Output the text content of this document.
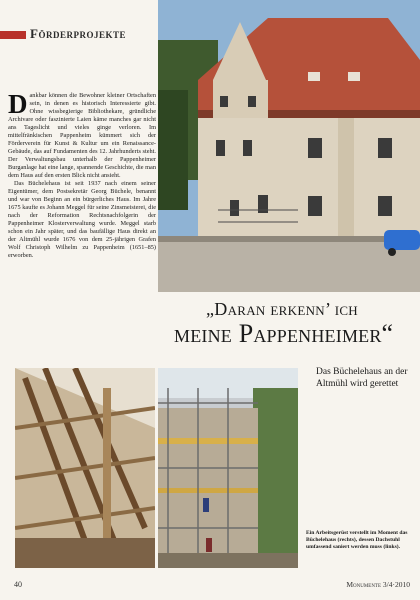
Förderprojekte

Dankbar können die Bewohner kleiner Ortschaften sein, in denen es historisch Interessierte gibt. Ohne wissbegierige Bibliothekare, gründliche Archivare oder faszinierte Laien käme manches gar nicht ans Tageslicht und vieles ginge verloren. Im mittelfränkischen Pappenheim kümmert sich der Förderverein für Kunst & Kultur um ein Renaissance-Gebäude, das auf Fundamenten des 12. Jahrhunderts steht. Der Verwaltungsbau unterhalb der Pappenheimer Burganlage hat eine lange, spannende Geschichte, die man dem Haus auf den ersten Blick nicht ansieht.

Das Büchelehaus ist seit 1937 nach einem seiner Eigentümer, dem Postsekretär Georg Büchele, benannt und war von Beginn an ein bürgerliches Haus. Im Jahre 1675 kaufte es Johann Meggel für seine Zinsmeisterei, die nach der Reformation Rechtsnachfolgerin der Pappenheimer Klosterverwaltung wurde. Meggel starb schon ein Jahr später, und das baufällige Haus direkt an der Altmühl wurde 1676 von dem 25-jährigen Grafen Wolf Christoph Wilhelm zu Pappenheim (1651–85) erworben.

„Daran erkenn’ ich
meine Pappenheimer“
Das Büchelehaus an der Altmühl wird gerettet
Ein Arbeitsgerüst verstellt im Moment das Büchelehaus (rechts), dessen Dachstuhl umfassend saniert werden muss (links).
40	Monumente 3/4·2010
